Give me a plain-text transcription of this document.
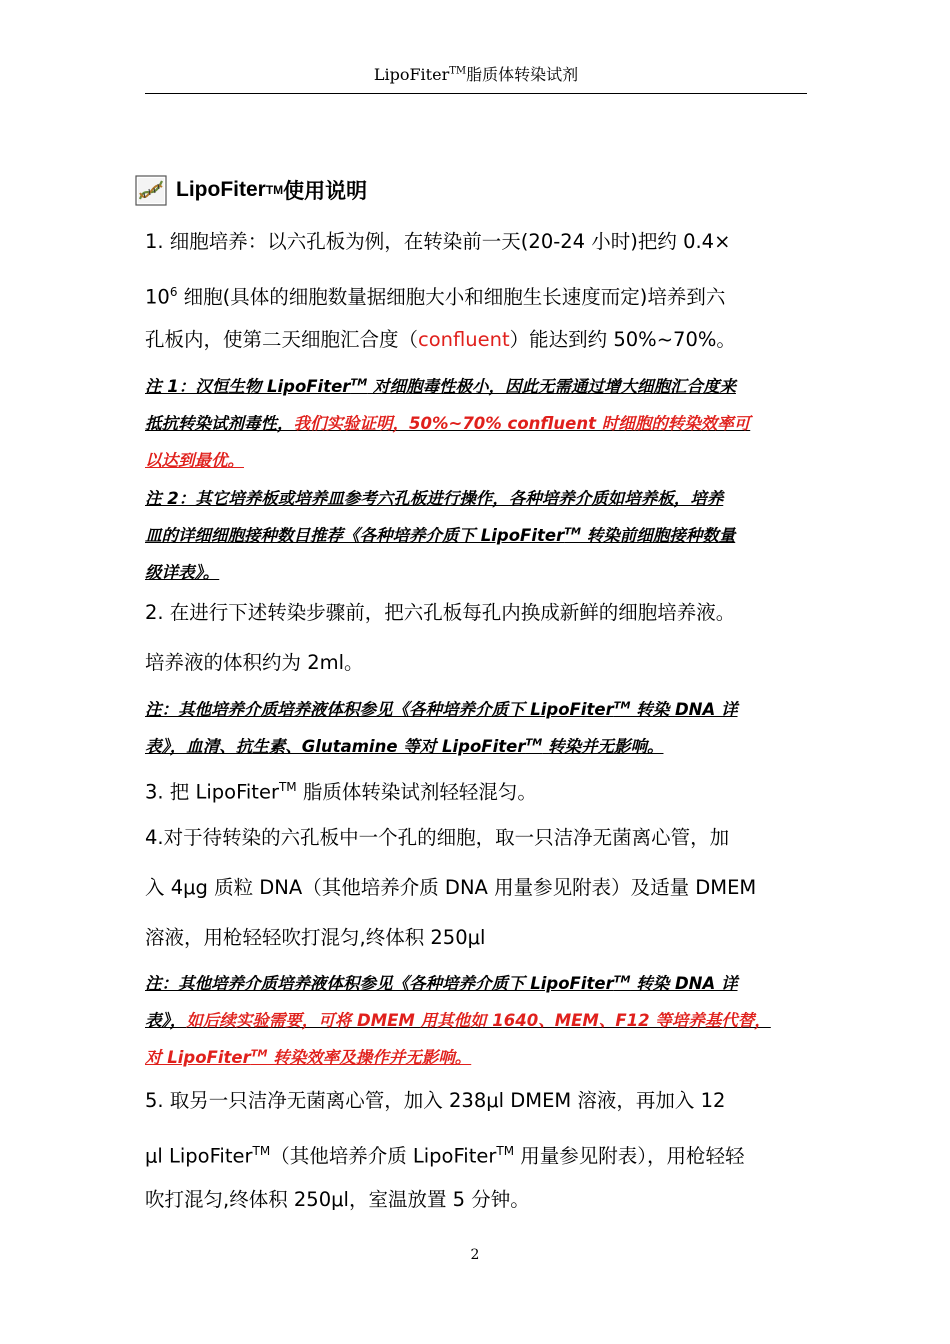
LipoFiter™脂质体转染试剂
LipoFiter TM 使用说明
1. 细胞培养：以六孔板为例，在转染前一天(20-24 小时)把约 0.4×
$10^6$ 细胞(具体的细胞数量据细胞大小和细胞生长速度而定)培养到六
孔板内，使第二天细胞汇合度（confluent）能达到约 50%~70%。
注 1：汉恒生物 LipoFiter™ 对细胞毒性极小，因此无需通过增大细胞汇合度来
抵抗转染试剂毒性，我们实验证明，50%~70% confluent 时细胞的转染效率可
以达到最优。
注 2：其它培养板或培养皿参考六孔板进行操作，各种培养介质如培养板，培养
皿的详细细胞接种数目推荐《各种培养介质下 LipoFiter™ 转染前细胞接种数量
级详表》。
2. 在进行下述转染步骤前，把六孔板每孔内换成新鲜的细胞培养液。
培养液的体积约为 2ml。
注：其他培养介质培养液体积参见《各种培养介质下 LipoFiter™ 转染 DNA 详
表》，血清、抗生素、Glutamine 等对 LipoFiter™ 转染并无影响。
3. 把 LipoFiter™ 脂质体转染试剂轻轻混匀。
4.对于待转染的六孔板中一个孔的细胞，取一只洁净无菌离心管，加
入 4μg 质粒 DNA（其他培养介质 DNA 用量参见附表）及适量 DMEM
溶液，用枪轻轻吹打混匀,终体积 250μl
注：其他培养介质培养液体积参见《各种培养介质下 LipoFiter™ 转染 DNA 详
表》，如后续实验需要，可将 DMEM 用其他如 1640、MEM、F12 等培养基代替，
对 LipoFiter™ 转染效率及操作并无影响。
5. 取另一只洁净无菌离心管，加入 238μl DMEM 溶液，再加入 12
μl LipoFiter™（其他培养介质 LipoFiter™ 用量参见附表），用枪轻轻
吹打混匀,终体积 250μl，室温放置 5 分钟。
2
